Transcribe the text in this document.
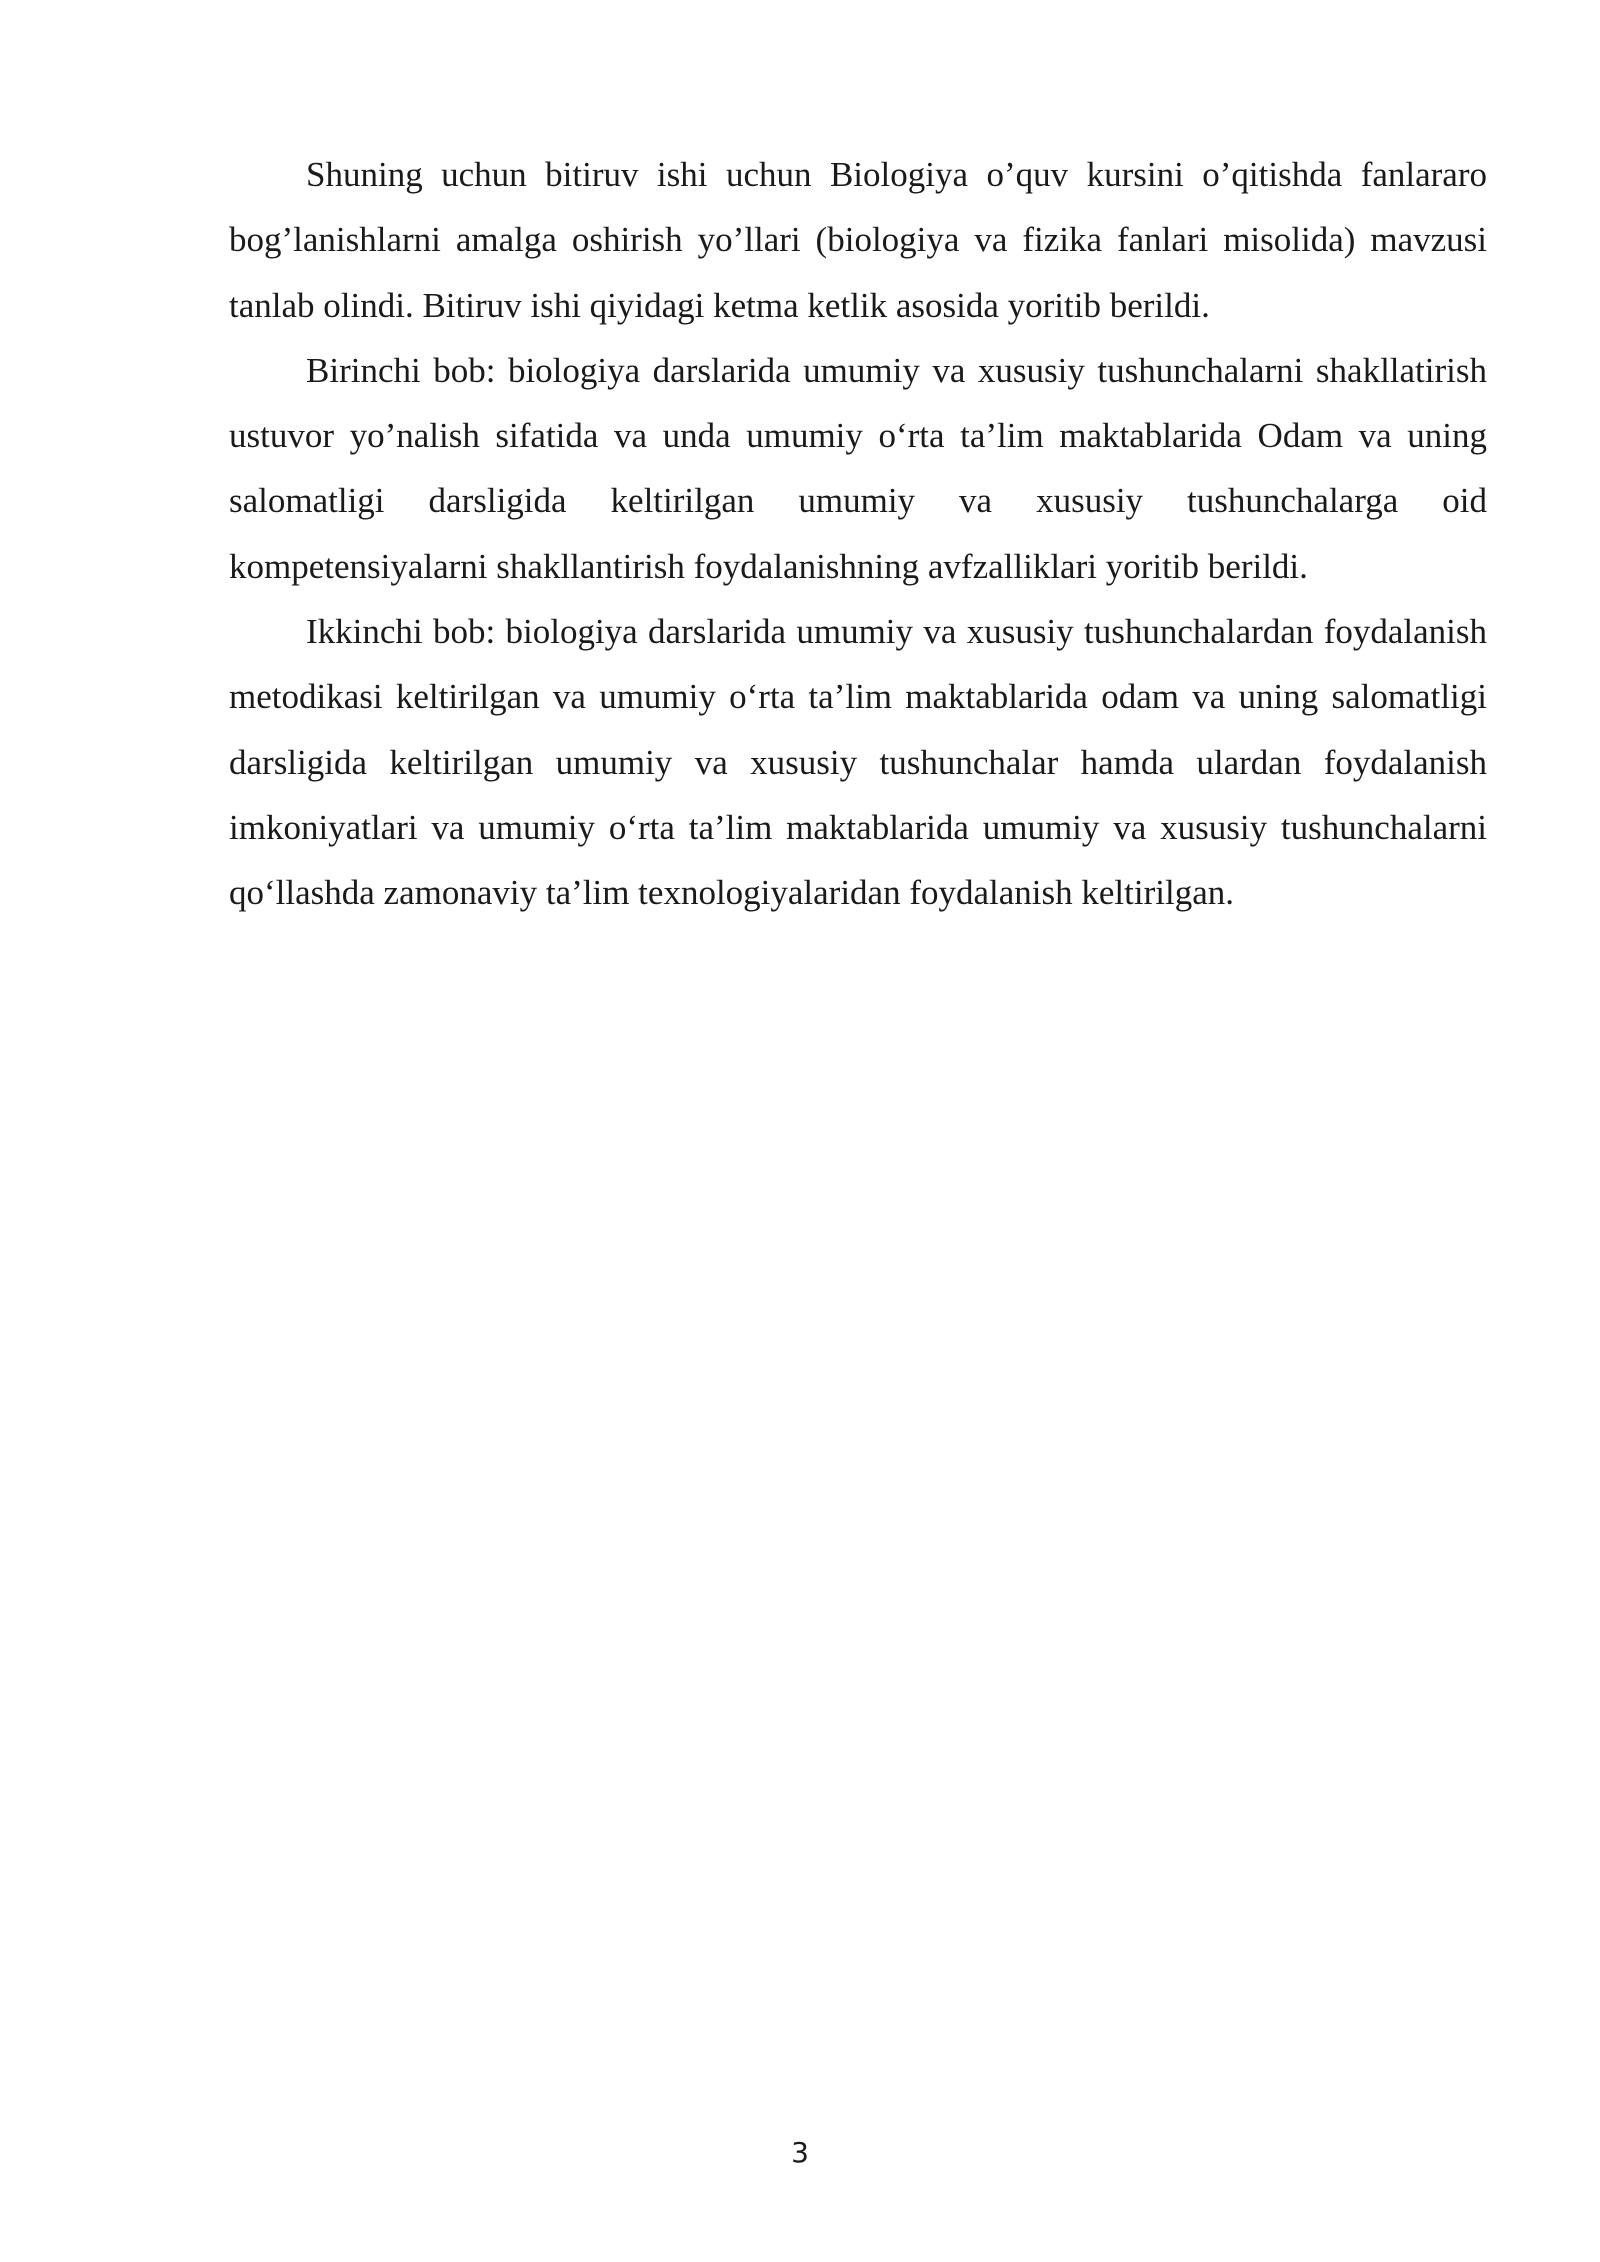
Shuning uchun bitiruv ishi uchun Biologiya o’quv kursini o’qitishda fanlararo bog’lanishlarni amalga oshirish yo’llari (biologiya va fizika fanlari misolida) mavzusi tanlab olindi. Bitiruv ishi qiyidagi ketma ketlik asosida yoritib berildi.

Birinchi bob: biologiya darslarida umumiy va xususiy tushunchalarni shakllatirish ustuvor yo’nalish sifatida va unda umumiy o‘rta ta’lim maktablarida Odam va uning salomatligi darsligida keltirilgan umumiy va xususiy tushunchalarga oid kompetensiyalarni shakllantirish foydalanishning avfzalliklari yoritib berildi.

Ikkinchi bob: biologiya darslarida umumiy va xususiy tushunchalardan foydalanish metodikasi keltirilgan va umumiy o‘rta ta’lim maktablarida odam va uning salomatligi darsligida keltirilgan umumiy va xususiy tushunchalar hamda ulardan foydalanish imkoniyatlari va umumiy o‘rta ta’lim maktablarida umumiy va xususiy tushunchalarni qo‘llashda zamonaviy ta’lim texnologiyalaridan foydalanish keltirilgan.

3
